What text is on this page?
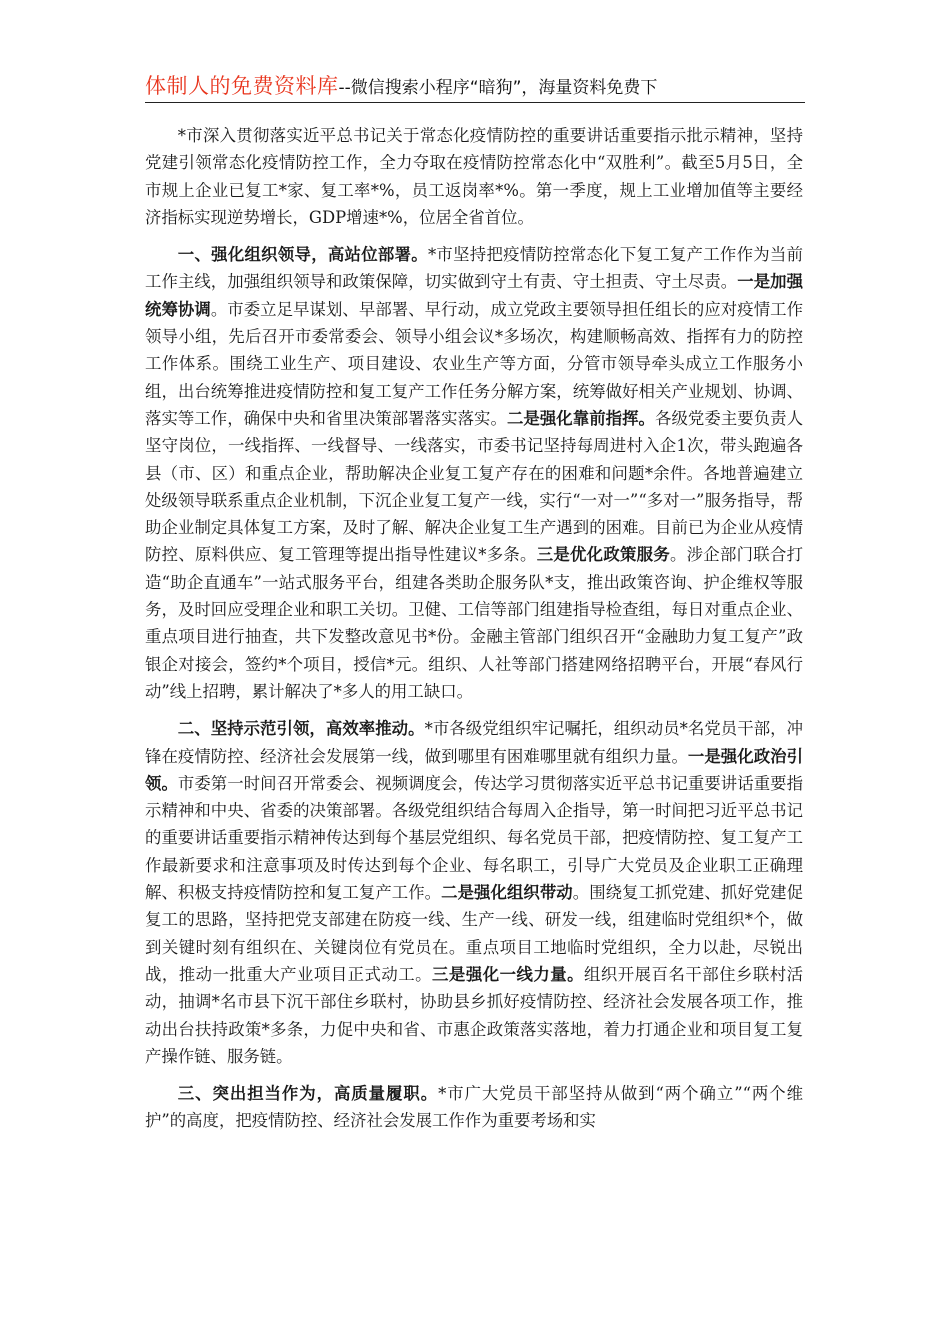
体制人的免费资料库--微信搜索小程序“暗狗”，海量资料免费下

*市深入贯彻落实近平总书记关于常态化疫情防控的重要讲话重要指示批示精神，坚持党建引领常态化疫情防控工作，全力夺取在疫情防控常态化中“双胜利”。截至5月5日，全市规上企业已复工*家、复工率*%，员工返岗率*%。第一季度，规上工业增加值等主要经济指标实现逆势增长，GDP增速*%，位居全省首位。

一、强化组织领导，高站位部署。*市坚持把疫情防控常态化下复工复产工作作为当前工作主线，加强组织领导和政策保障，切实做到守土有责、守土担责、守土尽责。一是加强统筹协调。市委立足早谋划、早部署、早行动，成立党政主要领导担任组长的应对疫情工作领导小组，先后召开市委常委会、领导小组会议*多场次，构建顺畅高效、指挥有力的防控工作体系。围绕工业生产、项目建设、农业生产等方面，分管市领导牵头成立工作服务小组，出台统筹推进疫情防控和复工复产工作任务分解方案，统筹做好相关产业规划、协调、落实等工作，确保中央和省里决策部署落实落实。二是强化靠前指挥。各级党委主要负责人坚守岗位，一线指挥、一线督导、一线落实，市委书记坚持每周进村入企1次，带头跑遍各县（市、区）和重点企业，帮助解决企业复工复产存在的困难和问题*余件。各地普遍建立处级领导联系重点企业机制，下沉企业复工复产一线，实行“一对一”“多对一”服务指导，帮助企业制定具体复工方案，及时了解、解决企业复工生产遇到的困难。目前已为企业从疫情防控、原料供应、复工管理等提出指导性建议*多条。三是优化政策服务。涉企部门联合打造“助企直通车”一站式服务平台，组建各类助企服务队*支，推出政策咨询、护企维权等服务，及时回应受理企业和职工关切。卫健、工信等部门组建指导检查组，每日对重点企业、重点项目进行抽查，共下发整改意见书*份。金融主管部门组织召开“金融助力复工复产”政银企对接会，签约*个项目，授信*元。组织、人社等部门搭建网络招聘平台，开展“春风行动”线上招聘，累计解决了*多人的用工缺口。

二、坚持示范引领，高效率推动。*市各级党组织牢记嘱托，组织动员*名党员干部，冲锋在疫情防控、经济社会发展第一线，做到哪里有困难哪里就有组织力量。一是强化政治引领。市委第一时间召开常委会、视频调度会，传达学习贯彻落实近平总书记重要讲话重要指示精神和中央、省委的决策部署。各级党组织结合每周入企指导，第一时间把习近平总书记的重要讲话重要指示精神传达到每个基层党组织、每名党员干部，把疫情防控、复工复产工作最新要求和注意事项及时传达到每个企业、每名职工，引导广大党员及企业职工正确理解、积极支持疫情防控和复工复产工作。二是强化组织带动。围绕复工抓党建、抓好党建促复工的思路，坚持把党支部建在防疫一线、生产一线、研发一线，组建临时党组织*个，做到关键时刻有组织在、关键岗位有党员在。重点项目工地临时党组织，全力以赴，尽锐出战，推动一批重大产业项目正式动工。三是强化一线力量。组织开展百名干部住乡联村活动，抽调*名市县下沉干部住乡联村，协助县乡抓好疫情防控、经济社会发展各项工作，推动出台扶持政策*多条，力促中央和省、市惠企政策落实落地，着力打通企业和项目复工复产操作链、服务链。

三、突出担当作为，高质量履职。*市广大党员干部坚持从做到“两个确立”“两个维护”的高度，把疫情防控、经济社会发展工作作为重要考场和实
